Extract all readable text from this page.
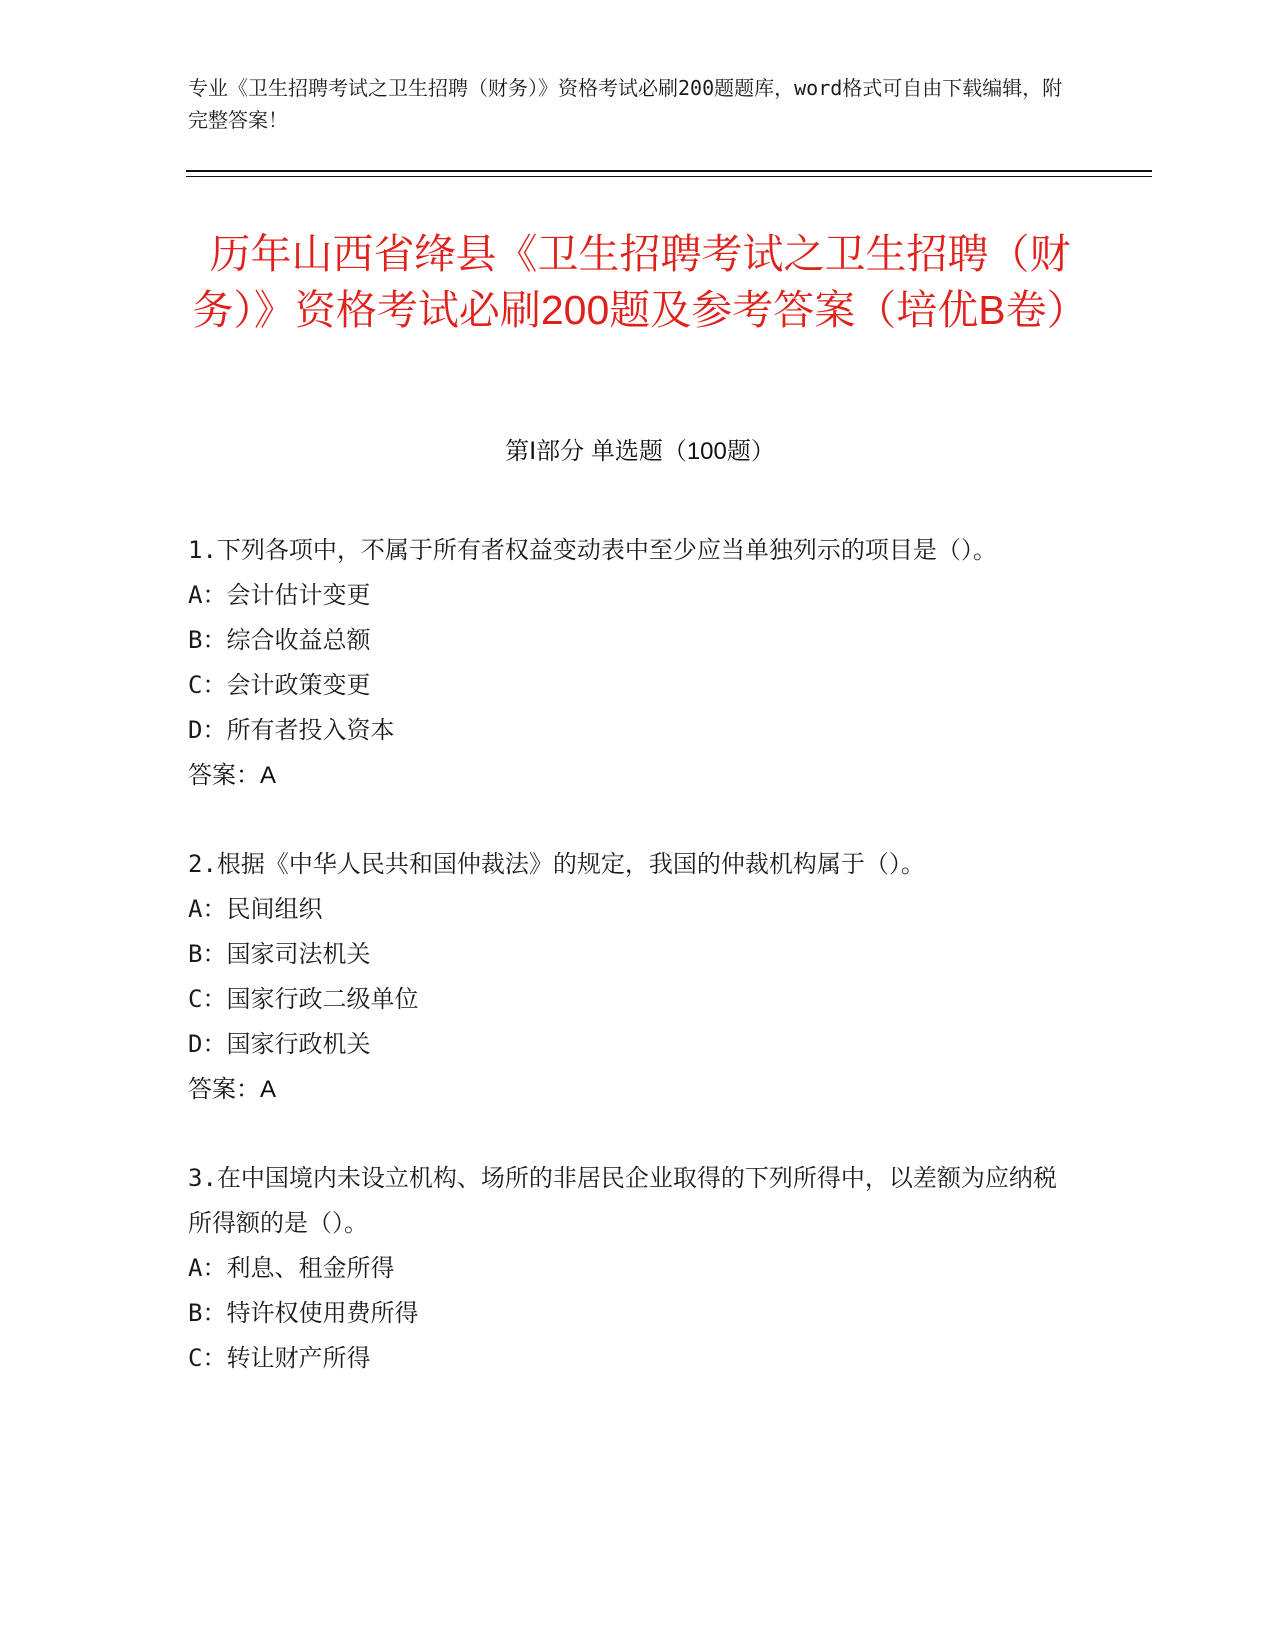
专业《卫生招聘考试之卫生招聘（财务）》资格考试必刷200题题库，word格式可自由下载编辑，附完整答案！
历年山西省绛县《卫生招聘考试之卫生招聘（财务）》资格考试必刷200题及参考答案（培优B卷）
第Ⅰ部分 单选题（100题）
1.下列各项中，不属于所有者权益变动表中至少应当单独列示的项目是（）。
A：会计估计变更
B：综合收益总额
C：会计政策变更
D：所有者投入资本
答案：A
2.根据《中华人民共和国仲裁法》的规定，我国的仲裁机构属于（）。
A：民间组织
B：国家司法机关
C：国家行政二级单位
D：国家行政机关
答案：A
3.在中国境内未设立机构、场所的非居民企业取得的下列所得中，以差额为应纳税所得额的是（）。
A：利息、租金所得
B：特许权使用费所得
C：转让财产所得
